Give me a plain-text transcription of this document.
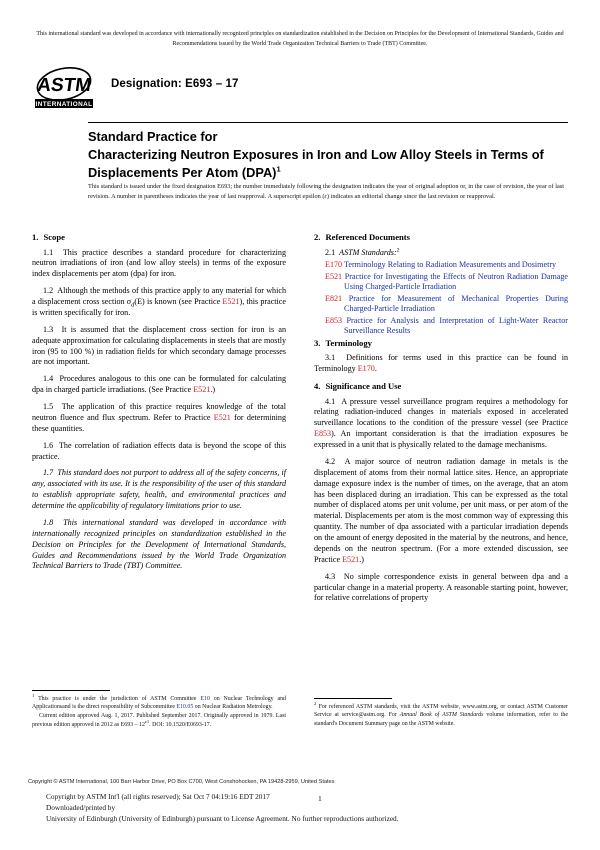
This international standard was developed in accordance with internationally recognized principles on standardization established in the Decision on Principles for the Development of International Standards, Guides and Recommendations issued by the World Trade Organization Technical Barriers to Trade (TBT) Committee.
ASTM
INTERNATIONAL
Designation: E693 – 17
Standard Practice for
Characterizing Neutron Exposures in Iron and Low Alloy Steels in Terms of Displacements Per Atom (DPA)$^1$
This standard is issued under the fixed designation E693; the number immediately following the designation indicates the year of original adoption or, in the case of revision, the year of last revision. A number in parentheses indicates the year of last reapproval. A superscript epsilon (ε) indicates an editorial change since the last revision or reapproval.
1. Scope

1.1 This practice describes a standard procedure for characterizing neutron irradiations of iron (and low alloy steels) in terms of the exposure index displacements per atom (dpa) for iron.

1.2 Although the methods of this practice apply to any material for which a displacement cross section $\sigma_d(E)$ is known (see Practice E521), this practice is written specifically for iron.

1.3 It is assumed that the displacement cross section for iron is an adequate approximation for calculating displacements in steels that are mostly iron (95 to 100 %) in radiation fields for which secondary damage processes are not important.

1.4 Procedures analogous to this one can be formulated for calculating dpa in charged particle irradiations. (See Practice E521.)

1.5 The application of this practice requires knowledge of the total neutron fluence and flux spectrum. Refer to Practice E521 for determining these quantities.

1.6 The correlation of radiation effects data is beyond the scope of this practice.

1.7 This standard does not purport to address all of the safety concerns, if any, associated with its use. It is the responsibility of the user of this standard to establish appropriate safety, health, and environmental practices and determine the applicability of regulatory limitations prior to use.

1.8 This international standard was developed in accordance with internationally recognized principles on standardization established in the Decision on Principles for the Development of International Standards, Guides and Recommendations issued by the World Trade Organization Technical Barriers to Trade (TBT) Committee.

2. Referenced Documents

2.1 ASTM Standards:$^2$

E170 Terminology Relating to Radiation Measurements and Dosimetry
E521 Practice for Investigating the Effects of Neutron Radiation Damage Using Charged-Particle Irradiation
E821 Practice for Measurement of Mechanical Properties During Charged-Particle Irradiation
E853 Practice for Analysis and Interpretation of Light-Water Reactor Surveillance Results
3. Terminology

3.1 Definitions for terms used in this practice can be found in Terminology E170.

4. Significance and Use

4.1 A pressure vessel surveillance program requires a methodology for relating radiation-induced changes in materials exposed in accelerated surveillance locations to the condition of the pressure vessel (see Practice E853). An important consideration is that the irradiation exposures be expressed in a unit that is physically related to the damage mechanisms.

4.2 A major source of neutron radiation damage in metals is the displacement of atoms from their normal lattice sites. Hence, an appropriate damage exposure index is the number of times, on the average, that an atom has been displaced during an irradiation. This can be expressed as the total number of displaced atoms per unit volume, per unit mass, or per atom of the material. Displacements per atom is the most common way of expressing this quantity. The number of dpa associated with a particular irradiation depends on the amount of energy deposited in the material by the neutrons, and hence, depends on the neutron spectrum. (For a more extended discussion, see Practice E521.)

4.3 No simple correspondence exists in general between dpa and a particular change in a material property. A reasonable starting point, however, for relative correlations of property

$^1$ This practice is under the jurisdiction of ASTM Committee E10 on Nuclear Technology and Applicationsand is the direct responsibility of Subcommittee E10.05 on Nuclear Radiation Metrology.

Current edition approved Aug. 1, 2017. Published September 2017. Originally approved in 1979. Last previous edition approved in 2012 as $E693 - 12^{\varepsilon 1}$. DOI: 10.1520/E0693-17.

$^2$ For referenced ASTM standards, visit the ASTM website, www.astm.org, or contact ASTM Customer Service at service@astm.org. For Annual Book of ASTM Standards volume information, refer to the standard's Document Summary page on the ASTM website.

Copyright © ASTM International, 100 Barr Harbor Drive, PO Box C700, West Conshohocken, PA 19428-2959, United States
Copyright by ASTM Int'l (all rights reserved); Sat Oct 7 04:19:16 EDT 2017
Downloaded/printed by
University of Edinburgh (University of Edinburgh) pursuant to License Agreement. No further reproductions authorized.
1
